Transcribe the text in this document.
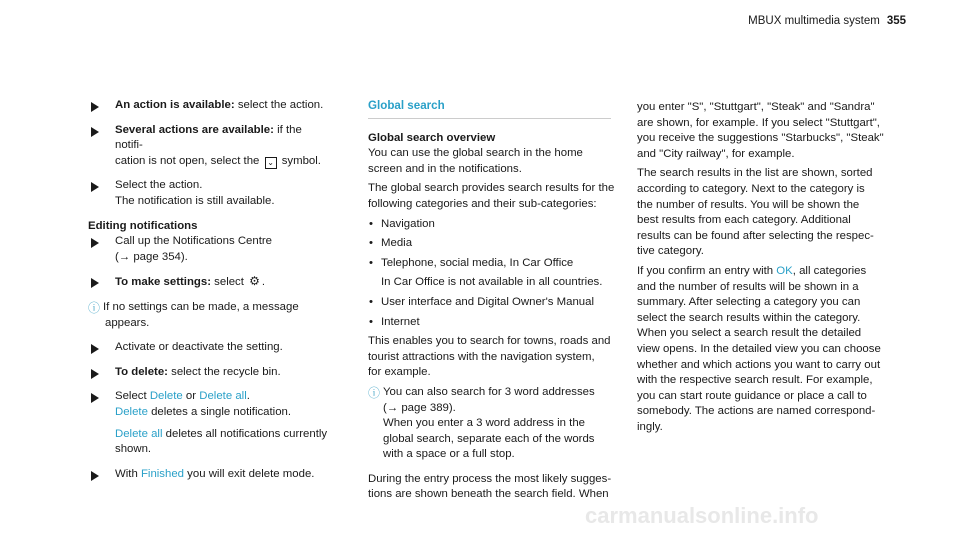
MBUX multimedia system 355
An action is available: select the action.
Several actions are available: if the notifi-
cation is not open, select the ⌄ symbol.
Select the action.
The notification is still available.
Editing notifications
Call up the Notifications Centre
(→ page 354).
To make settings: select ⚙ .
ⓘ If no settings can be made, a message
appears.
Activate or deactivate the setting.
To delete: select the recycle bin.
Select Delete or Delete all.
Delete deletes a single notification.
Delete all deletes all notifications currently
shown.
With Finished you will exit delete mode.
Global search
Global search overview

You can use the global search in the home
screen and in the notifications.

The global search provides search results for the
following categories and their sub-categories:

• Navigation
• Media
• Telephone, social media, In Car Office
In Car Office is not available in all countries.
• User interface and Digital Owner's Manual
• Internet

This enables you to search for towns, roads and
tourist attractions with the navigation system,
for example.

ⓘ You can also search for 3 word addresses
(→ page 389).
When you enter a 3 word address in the
global search, separate each of the words
with a space or a full stop.

During the entry process the most likely sugges-
tions are shown beneath the search field. When

you enter "S", "Stuttgart", "Steak" and "Sandra"
are shown, for example. If you select "Stuttgart",
you receive the suggestions "Starbucks", "Steak"
and "City railway", for example.

The search results in the list are shown, sorted
according to category. Next to the category is
the number of results. You will be shown the
best results from each category. Additional
results can be found after selecting the respec-
tive category.

If you confirm an entry with OK, all categories
and the number of results will be shown in a
summary. After selecting a category you can
select the search results within the category.
When you select a search result the detailed
view opens. In the detailed view you can choose
whether and which actions you want to carry out
with the respective search result. For example,
you can start route guidance or place a call to
somebody. The actions are named correspond-
ingly.

carmanualsonline.info
